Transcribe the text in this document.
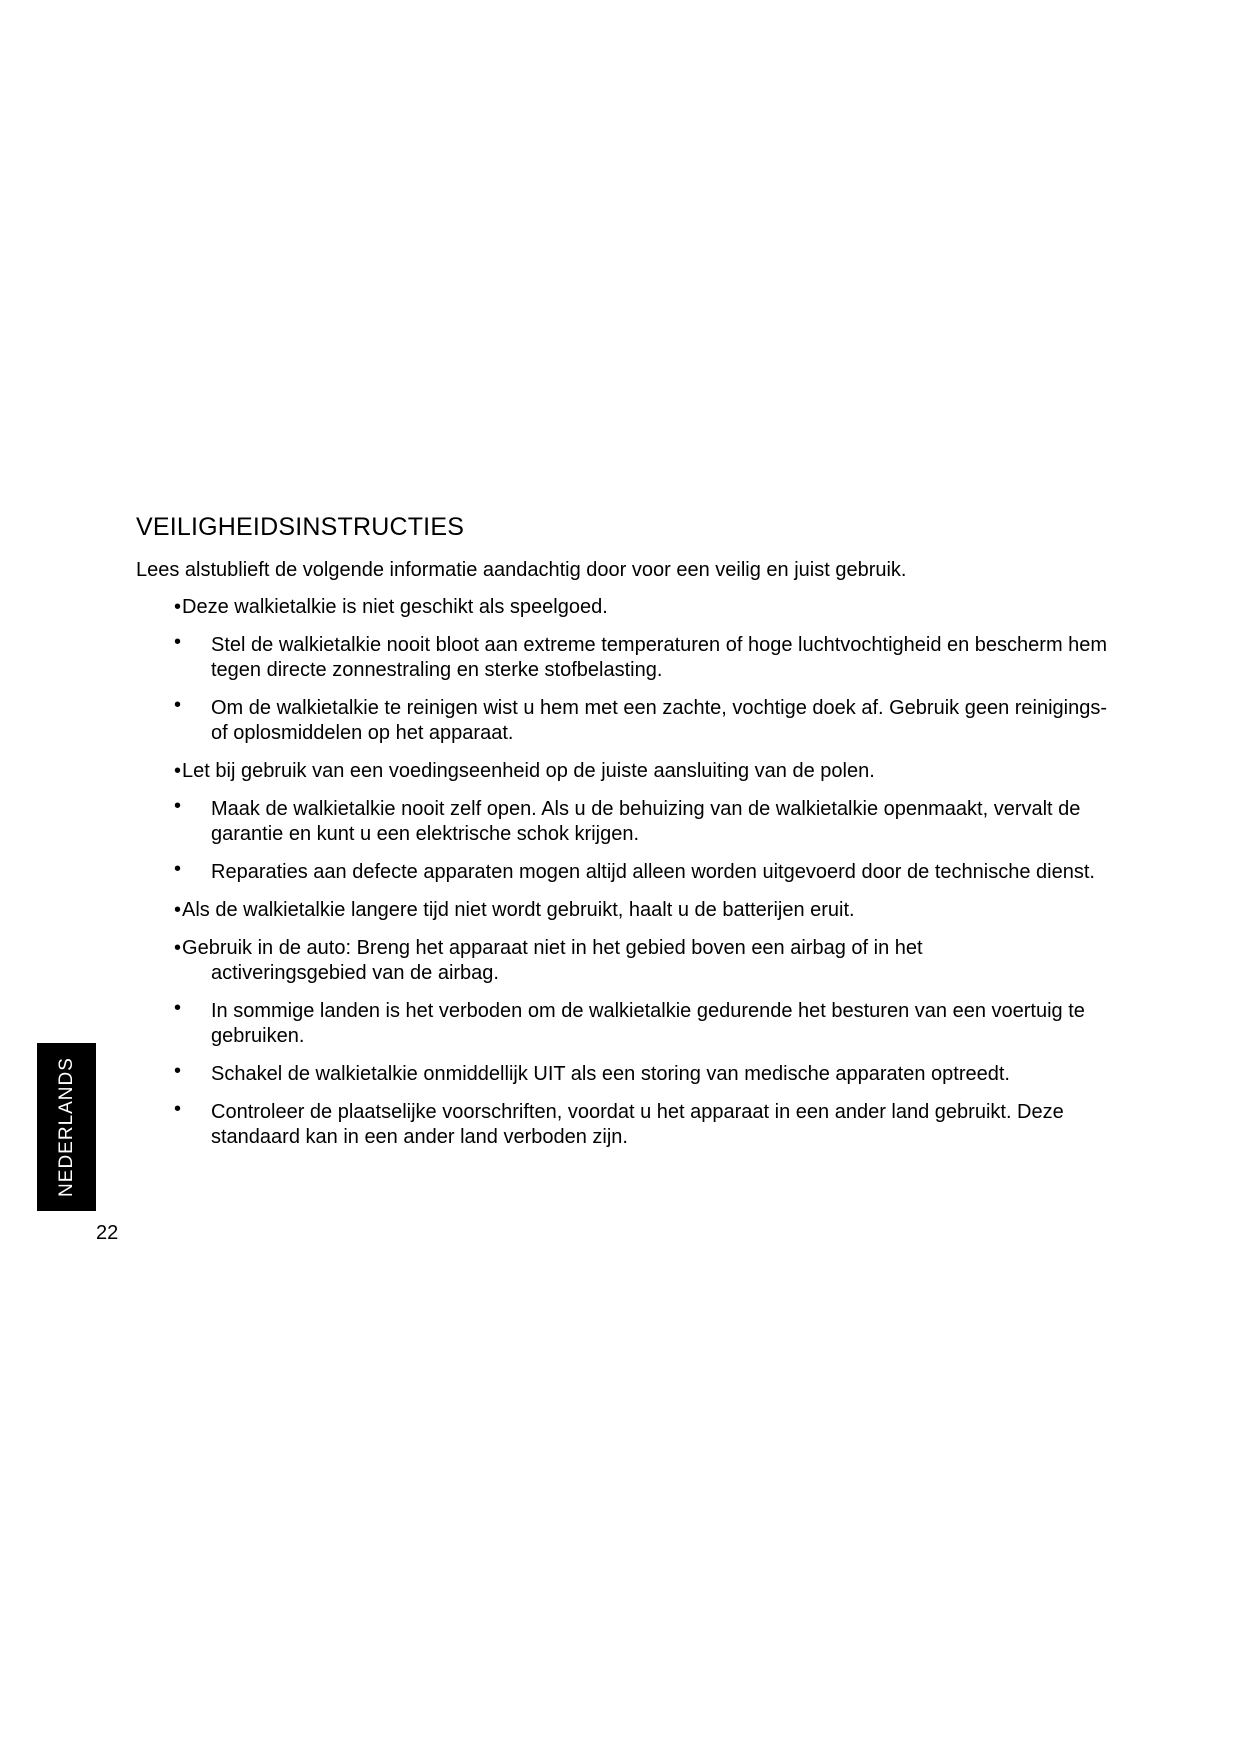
VEILIGHEIDSINSTRUCTIES

Lees alstublieft de volgende informatie aandachtig door voor een veilig en juist gebruik.

•Deze walkietalkie is niet geschikt als speelgoed.
• Stel de walkietalkie nooit bloot aan extreme temperaturen of hoge luchtvochtigheid en bescherm hem tegen directe zonnestraling en sterke stofbelasting.
• Om de walkietalkie te reinigen wist u hem met een zachte, vochtige doek af. Gebruik geen reinigings- of oplosmiddelen op het apparaat.
•Let bij gebruik van een voedingseenheid op de juiste aansluiting van de polen.
• Maak de walkietalkie nooit zelf open. Als u de behuizing van de walkietalkie openmaakt, vervalt de garantie en kunt u een elektrische schok krijgen.
• Reparaties aan defecte apparaten mogen altijd alleen worden uitgevoerd door de technische dienst.
•Als de walkietalkie langere tijd niet wordt gebruikt, haalt u de batterijen eruit.
•Gebruik in de auto: Breng het apparaat niet in het gebied boven een airbag of in het
activeringsgebied van de airbag.
• In sommige landen is het verboden om de walkietalkie gedurende het besturen van een voertuig te gebruiken.
• Schakel de walkietalkie onmiddellijk UIT als een storing van medische apparaten optreedt.
• Controleer de plaatselijke voorschriften, voordat u het apparaat in een ander land gebruikt. Deze standaard kan in een ander land verboden zijn.
NEDERLANDS
22
